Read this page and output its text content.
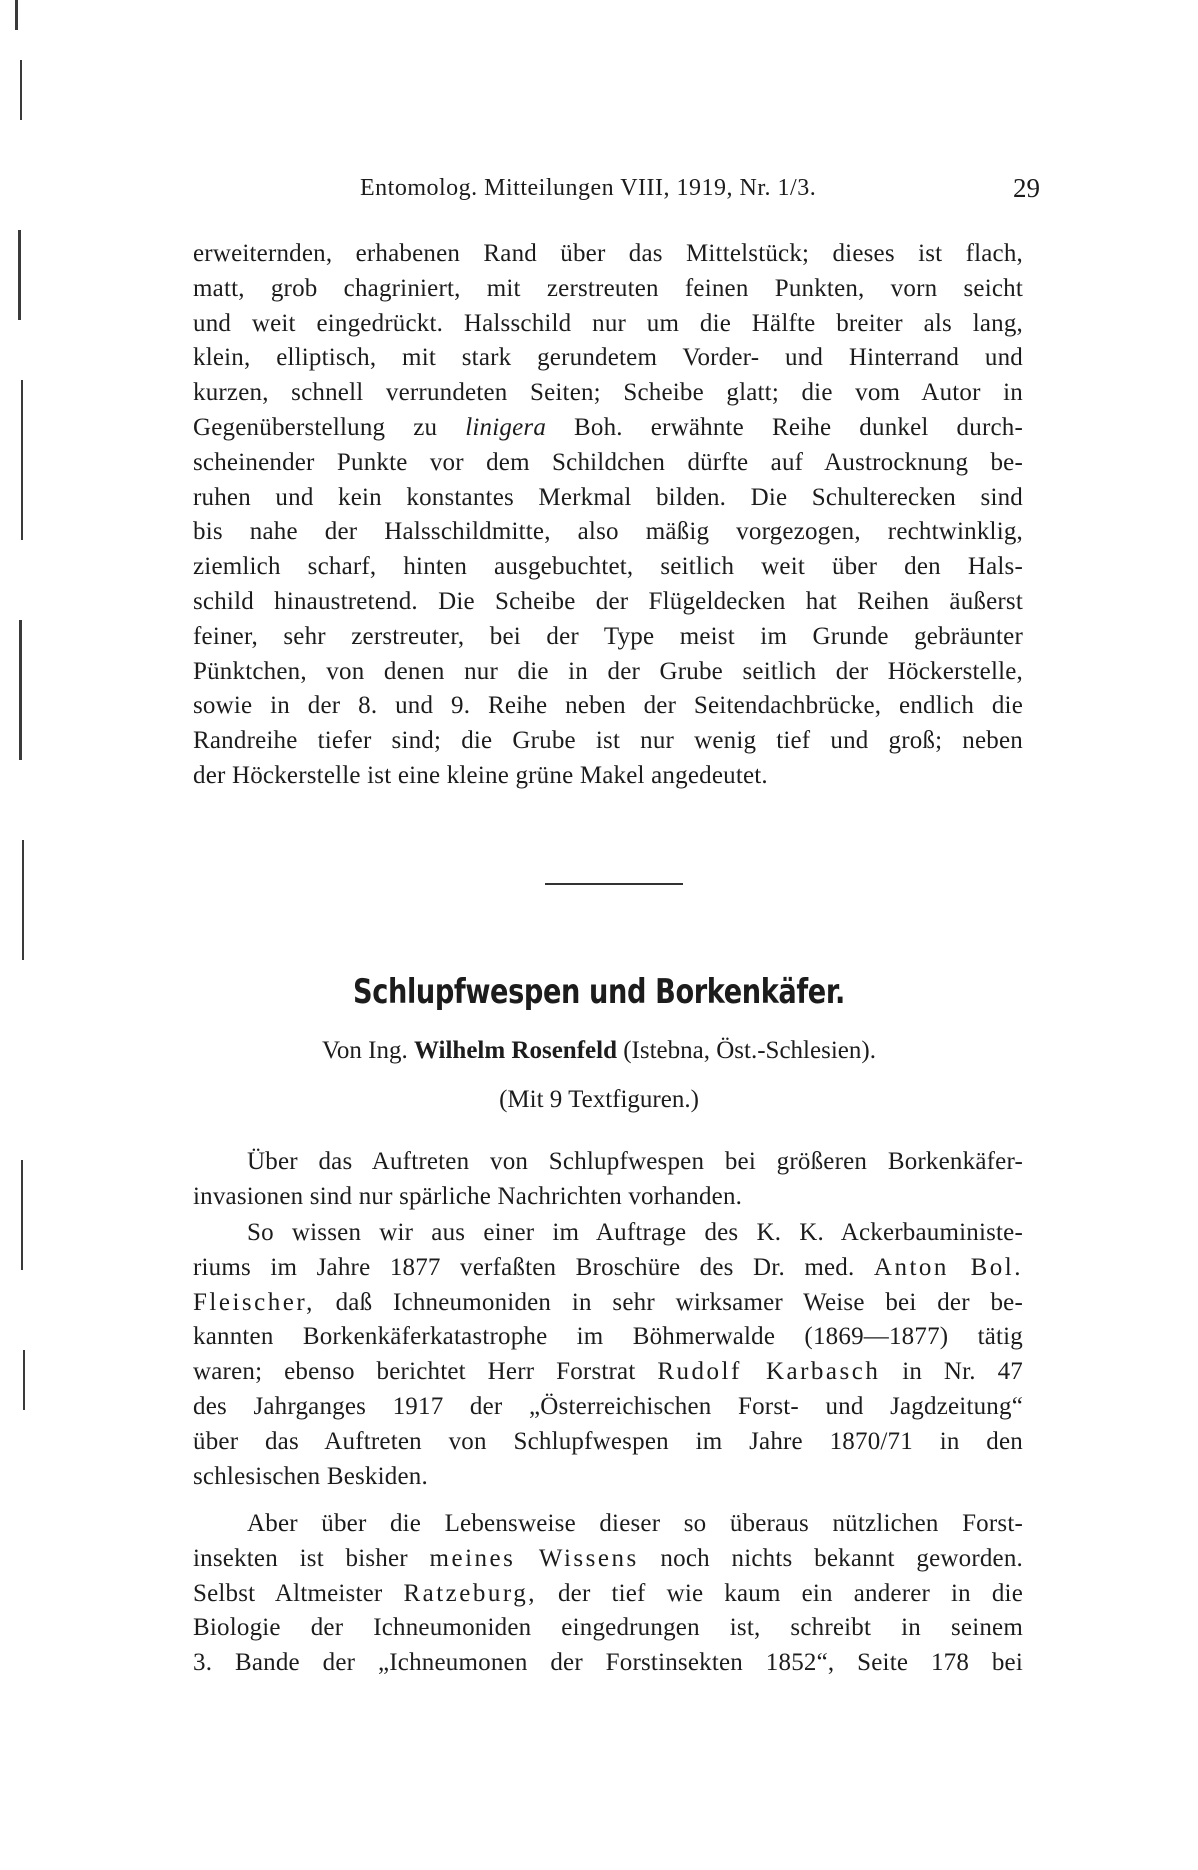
Entomolog. Mitteilungen VIII, 1919, Nr. 1/3.	29
erweiternden, erhabenen Rand über das Mittelstück; dieses ist flach,
matt, grob chagriniert, mit zerstreuten feinen Punkten, vorn seicht
und weit eingedrückt. Halsschild nur um die Hälfte breiter als lang,
klein, elliptisch, mit stark gerundetem Vorder- und Hinterrand und
kurzen, schnell verrundeten Seiten; Scheibe glatt; die vom Autor in
Gegenüberstellung zu linigera Boh. erwähnte Reihe dunkel durch-
scheinender Punkte vor dem Schildchen dürfte auf Austrocknung be-
ruhen und kein konstantes Merkmal bilden. Die Schulterecken sind
bis nahe der Halsschildmitte, also mäßig vorgezogen, rechtwinklig,
ziemlich scharf, hinten ausgebuchtet, seitlich weit über den Hals-
schild hinaustretend. Die Scheibe der Flügeldecken hat Reihen äußerst
feiner, sehr zerstreuter, bei der Type meist im Grunde gebräunter
Pünktchen, von denen nur die in der Grube seitlich der Höckerstelle,
sowie in der 8. und 9. Reihe neben der Seitendachbrücke, endlich die
Randreihe tiefer sind; die Grube ist nur wenig tief und groß; neben
der Höckerstelle ist eine kleine grüne Makel angedeutet.
Schlupfwespen und Borkenkäfer.
Von Ing. Wilhelm Rosenfeld (Istebna, Öst.-Schlesien).
(Mit 9 Textfiguren.)
Über das Auftreten von Schlupfwespen bei größeren Borkenkäfer-
invasionen sind nur spärliche Nachrichten vorhanden.
So wissen wir aus einer im Auftrage des K. K. Ackerbauministe-
riums im Jahre 1877 verfaßten Broschüre des Dr. med. Anton Bol.
Fleischer, daß Ichneumoniden in sehr wirksamer Weise bei der be-
kannten Borkenkäferkatastrophe im Böhmerwalde (1869—1877) tätig
waren; ebenso berichtet Herr Forstrat Rudolf Karbasch in Nr. 47
des Jahrganges 1917 der „Österreichischen Forst- und Jagdzeitung“
über das Auftreten von Schlupfwespen im Jahre 1870/71 in den
schlesischen Beskiden.
Aber über die Lebensweise dieser so überaus nützlichen Forst-
insekten ist bisher meines Wissens noch nichts bekannt geworden.
Selbst Altmeister Ratzeburg, der tief wie kaum ein anderer in die
Biologie der Ichneumoniden eingedrungen ist, schreibt in seinem
3. Bande der „Ichneumonen der Forstinsekten 1852“, Seite 178 bei
